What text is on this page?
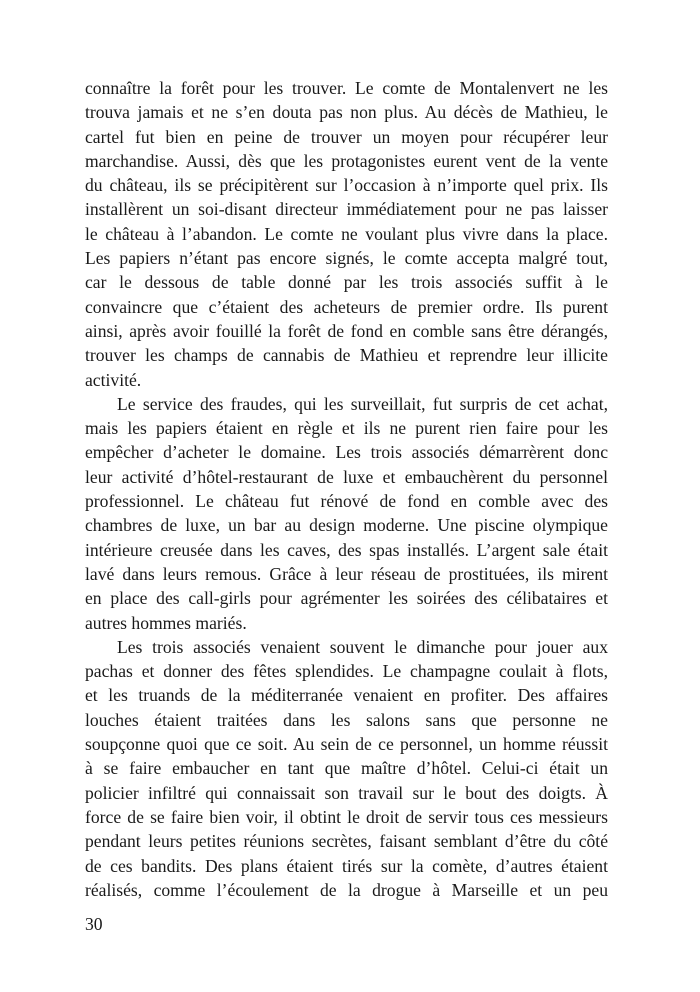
connaître la forêt pour les trouver. Le comte de Montalenvert ne les
trouva jamais et ne s’en douta pas non plus. Au décès de Mathieu, le
cartel fut bien en peine de trouver un moyen pour récupérer leur
marchandise. Aussi, dès que les protagonistes eurent vent de la vente
du château, ils se précipitèrent sur l’occasion à n’importe quel prix. Ils
installèrent un soi-disant directeur immédiatement pour ne pas laisser
le château à l’abandon. Le comte ne voulant plus vivre dans la place.
Les papiers n’étant pas encore signés, le comte accepta malgré tout,
car le dessous de table donné par les trois associés suffit à le
convaincre que c’étaient des acheteurs de premier ordre. Ils purent
ainsi, après avoir fouillé la forêt de fond en comble sans être dérangés,
trouver les champs de cannabis de Mathieu et reprendre leur illicite
activité.
Le service des fraudes, qui les surveillait, fut surpris de cet achat,
mais les papiers étaient en règle et ils ne purent rien faire pour les
empêcher d’acheter le domaine. Les trois associés démarrèrent donc
leur activité d’hôtel-restaurant de luxe et embauchèrent du personnel
professionnel. Le château fut rénové de fond en comble avec des
chambres de luxe, un bar au design moderne. Une piscine olympique
intérieure creusée dans les caves, des spas installés. L’argent sale était
lavé dans leurs remous. Grâce à leur réseau de prostituées, ils mirent
en place des call-girls pour agrémenter les soirées des célibataires et
autres hommes mariés.
Les trois associés venaient souvent le dimanche pour jouer aux
pachas et donner des fêtes splendides. Le champagne coulait à flots,
et les truands de la méditerranée venaient en profiter. Des affaires
louches étaient traitées dans les salons sans que personne ne
soupçonne quoi que ce soit. Au sein de ce personnel, un homme réussit
à se faire embaucher en tant que maître d’hôtel. Celui-ci était un
policier infiltré qui connaissait son travail sur le bout des doigts. À
force de se faire bien voir, il obtint le droit de servir tous ces messieurs
pendant leurs petites réunions secrètes, faisant semblant d’être du côté
de ces bandits. Des plans étaient tirés sur la comète, d’autres étaient
réalisés, comme l’écoulement de la drogue à Marseille et un peu
30
